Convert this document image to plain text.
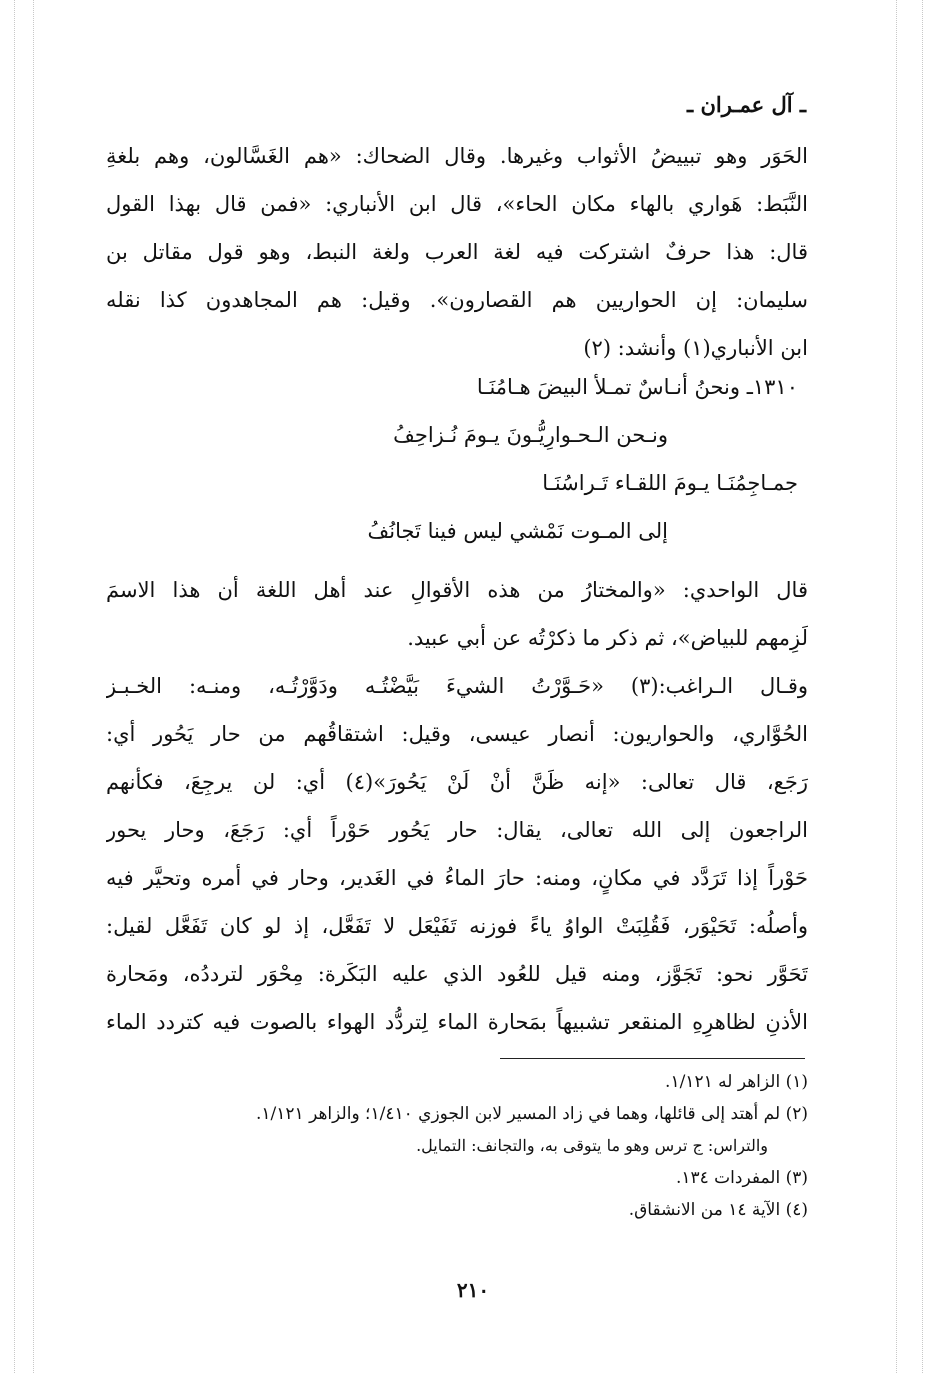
ـ آل عمـران ـ
الحَوَر وهو تبييضُ الأثواب وغيرها. وقال الضحاك: «هم الغَسَّالون، وهم بلغةِ
النَّبَط: هَواري بالهاء مكان الحاء»، قال ابن الأنباري: «فمن قال بهذا القول
قال: هذا حرفٌ اشتركت فيه لغة العرب ولغة النبط، وهو قول مقاتل بن
سليمان: إن الحواريين هم القصارون». وقيل: هم المجاهدون كذا نقله
ابن الأنباري(١) وأنشد: (٢)
١٣١٠ـ ونحنُ أنـاسٌ تمـلأ البيضَ هـامُنَـا
ونـحن الـحـوارِيُّـونَ يـومَ نُـزاحِفُ
جمـاجِمُنَـا يـومَ اللقـاء تَـراسُنَـا
إلى المـوت نَمْشي ليس فينا تَجانُفُ
قال الواحدي: «والمختارُ من هذه الأقوالِ عند أهل اللغة أن هذا الاسمَ
لَزِمهم للبياض»، ثم ذكر ما ذكرْتُه عن أبي عبيد.
وقـال الـراغب:(٣) «حَـوَّرْتُ الشيءَ بَيَّضْتُـه ودَوَّرْتُـه، ومنـه: الخـبـز
الحُوَّاري، والحواريون: أنصار عيسى، وقيل: اشتقاقُهم من حار يَحُور أي:
رَجَع، قال تعالى: «إنه ظَنَّ أنْ لَنْ يَحُورَ»(٤) أي: لن يرجِعَ، فكأنهم
الراجعون إلى الله تعالى، يقال: حار يَحُور حَوْراً أي: رَجَعَ، وحار يحور
حَوْراً إذا تَرَدَّد في مكانٍ، ومنه: حارَ الماءُ في الغَدير، وحار في أمره وتحيَّر فيه
وأصلُه: تَحَيْوَر، فَقُلِبَتْ الواوُ ياءً فوزنه تَفَيْعَل لا تَفَعَّل، إذ لو كان تَفَعَّل لقيل:
تَحَوَّر نحو: تَجَوَّز، ومنه قيل للعُود الذي عليه البَكَرة: مِحْوَر لترددُه، ومَحارة
الأذنِ لظاهرِهِ المنقعر تشبيهاً بمَحارة الماء لِتردُّد الهواء بالصوت فيه كتردد الماء
(١) الزاهر له ١/١٢١.
(٢) لم أهتد إلى قائلها، وهما في زاد المسير لابن الجوزي ١/٤١٠؛ والزاهر ١/١٢١.
والتراس: ج ترس وهو ما يتوقى به، والتجانف: التمايل.
(٣) المفردات ١٣٤.
(٤) الآية ١٤ من الانشقاق.
٢١٠
